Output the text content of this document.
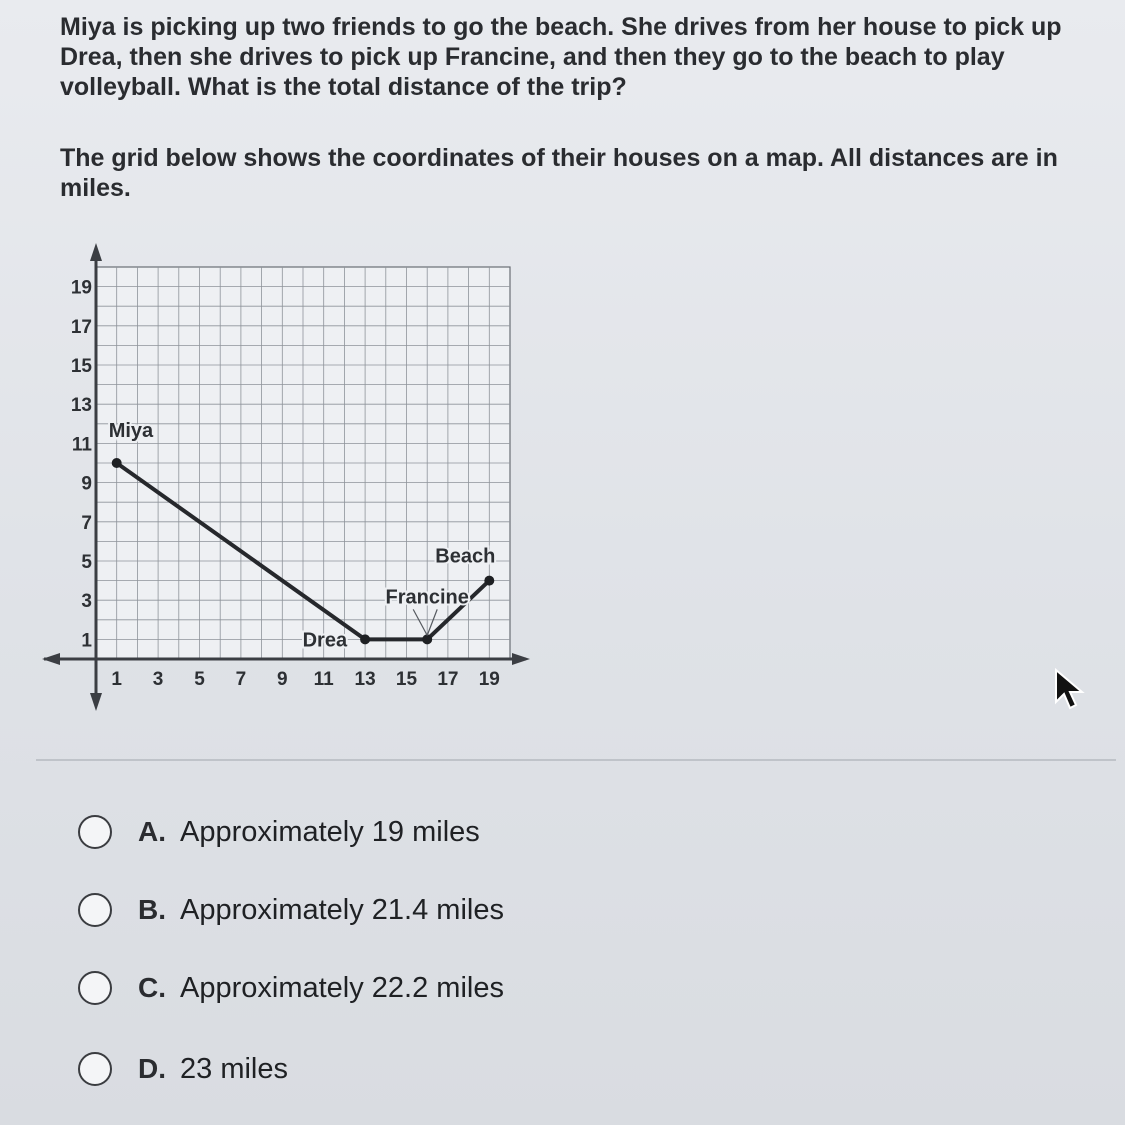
Miya is picking up two friends to go the beach. She drives from her house to pick up Drea, then she drives to pick up Francine, and then they go to the beach to play volleyball. What is the total distance of the trip?

The grid below shows the coordinates of their houses on a map. All distances are in miles.

1 3 5 7 9 11 13 15 17 19
1
3
5
7
9
11
13
15
17
19
Miya
Drea
Francine
Beach
A. Approximately 19 miles
B. Approximately 21.4 miles
C. Approximately 22.2 miles
D. 23 miles
